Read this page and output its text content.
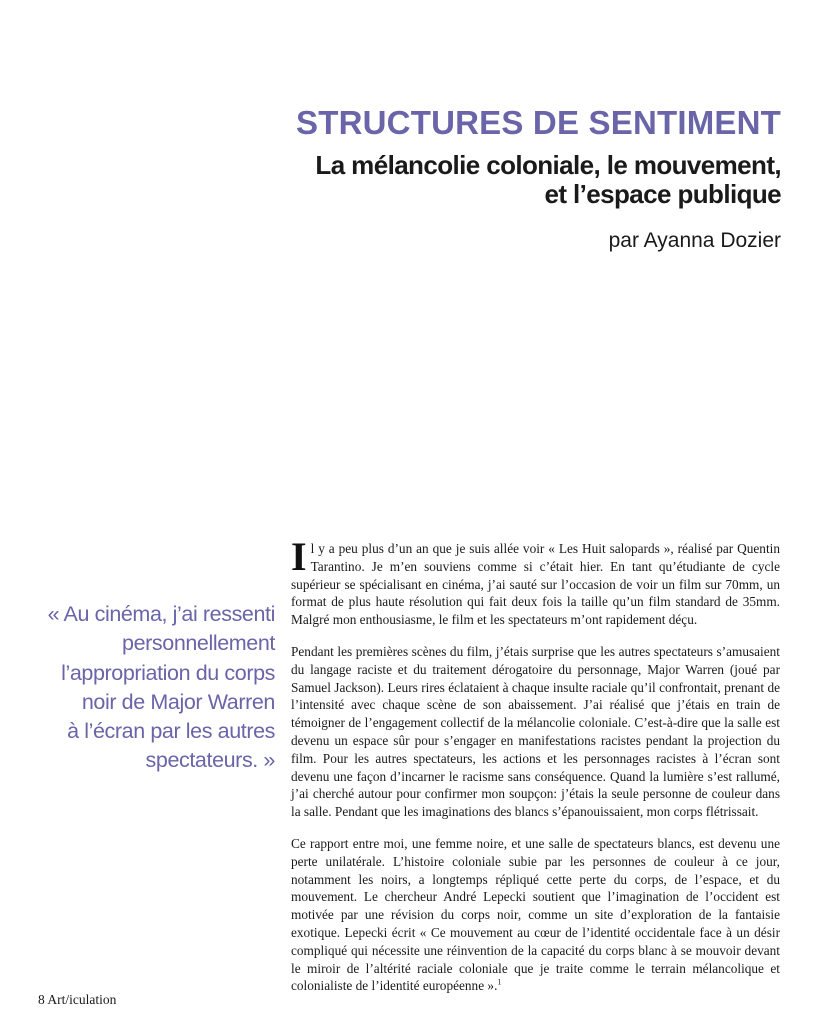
STRUCTURES DE SENTIMENT
La mélancolie coloniale, le mouvement,
et l’espace publique

par Ayanna Dozier

« Au cinéma, j’ai ressenti
personnellement
l’appropriation du corps
noir de Major Warren
à l’écran par les autres
spectateurs. »

Il y a peu plus d’un an que je suis allée voir « Les Huit salopards », réalisé par Quentin Tarantino. Je m’en souviens comme si c’était hier. En tant qu’étudiante de cycle supérieur se spécialisant en cinéma, j’ai sauté sur l’occasion de voir un film sur 70mm, un format de plus haute résolution qui fait deux fois la taille qu’un film standard de 35mm. Malgré mon enthousiasme, le film et les spectateurs m’ont rapidement déçu.

Pendant les premières scènes du film, j’étais surprise que les autres spectateurs s’amusaient du langage raciste et du traitement dérogatoire du personnage, Major Warren (joué par Samuel Jackson). Leurs rires éclataient à chaque insulte raciale qu’il confrontait, prenant de l’intensité avec chaque scène de son abaissement. J’ai réalisé que j’étais en train de témoigner de l’engagement collectif de la mélancolie coloniale. C’est-à-dire que la salle est devenu un espace sûr pour s’engager en manifestations racistes pendant la projection du film. Pour les autres spectateurs, les actions et les personnages racistes à l’écran sont devenu une façon d’incarner le racisme sans conséquence. Quand la lumière s’est rallumé, j’ai cherché autour pour confirmer mon soupçon: j’étais la seule personne de couleur dans la salle. Pendant que les imaginations des blancs s’épanouissaient, mon corps flétrissait.

Ce rapport entre moi, une femme noire, et une salle de spectateurs blancs, est devenu une perte unilatérale. L’histoire coloniale subie par les personnes de couleur à ce jour, notamment les noirs, a longtemps répliqué cette perte du corps, de l’espace, et du mouvement. Le chercheur André Lepecki soutient que l’imagination de l’occident est motivée par une révision du corps noir, comme un site d’exploration de la fantaisie exotique. Lepecki écrit « Ce mouvement au cœur de l’identité occidentale face à un désir compliqué qui nécessite une réinvention de la capacité du corps blanc à se mouvoir devant le miroir de l’altérité raciale coloniale que je traite comme le terrain mélancolique et colonialiste de l’identité européenne ».$^1$

8 Art/iculation
